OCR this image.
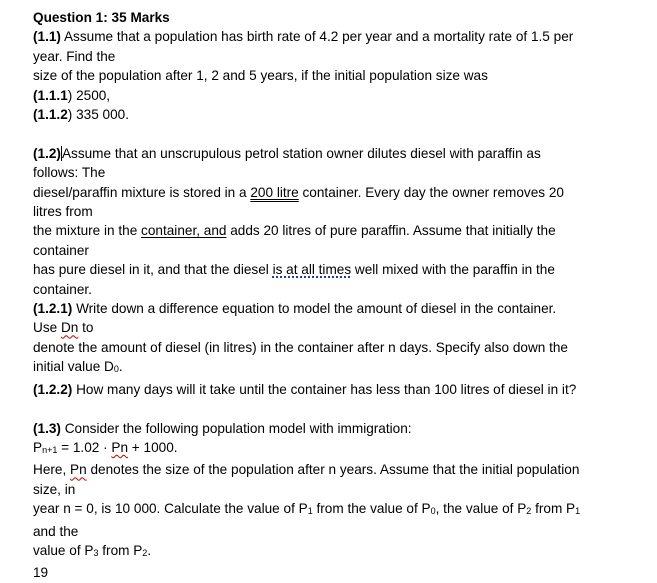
Question 1: 35 Marks
(1.1) Assume that a population has birth rate of 4.2 per year and a mortality rate of 1.5 per
year. Find the
size of the population after 1, 2 and 5 years, if the initial population size was
(1.1.1) 2500,
(1.1.2) 335 000.
(1.2)Assume that an unscrupulous petrol station owner dilutes diesel with paraffin as
follows: The
diesel/paraffin mixture is stored in a 200 litre container. Every day the owner removes 20
litres from
the mixture in the container, and adds 20 litres of pure paraffin. Assume that initially the
container
has pure diesel in it, and that the diesel is at all times well mixed with the paraffin in the
container.
(1.2.1) Write down a difference equation to model the amount of diesel in the container.
Use Dn to
denote the amount of diesel (in litres) in the container after n days. Specify also down the
initial value D0.
(1.2.2) How many days will it take until the container has less than 100 litres of diesel in it?
(1.3) Consider the following population model with immigration:
Pn+1 = 1.02 · Pn + 1000.
Here, Pn denotes the size of the population after n years. Assume that the initial population
size, in
year n = 0, is 10 000. Calculate the value of P1 from the value of P0, the value of P2 from P1
and the
value of P3 from P2.
19
